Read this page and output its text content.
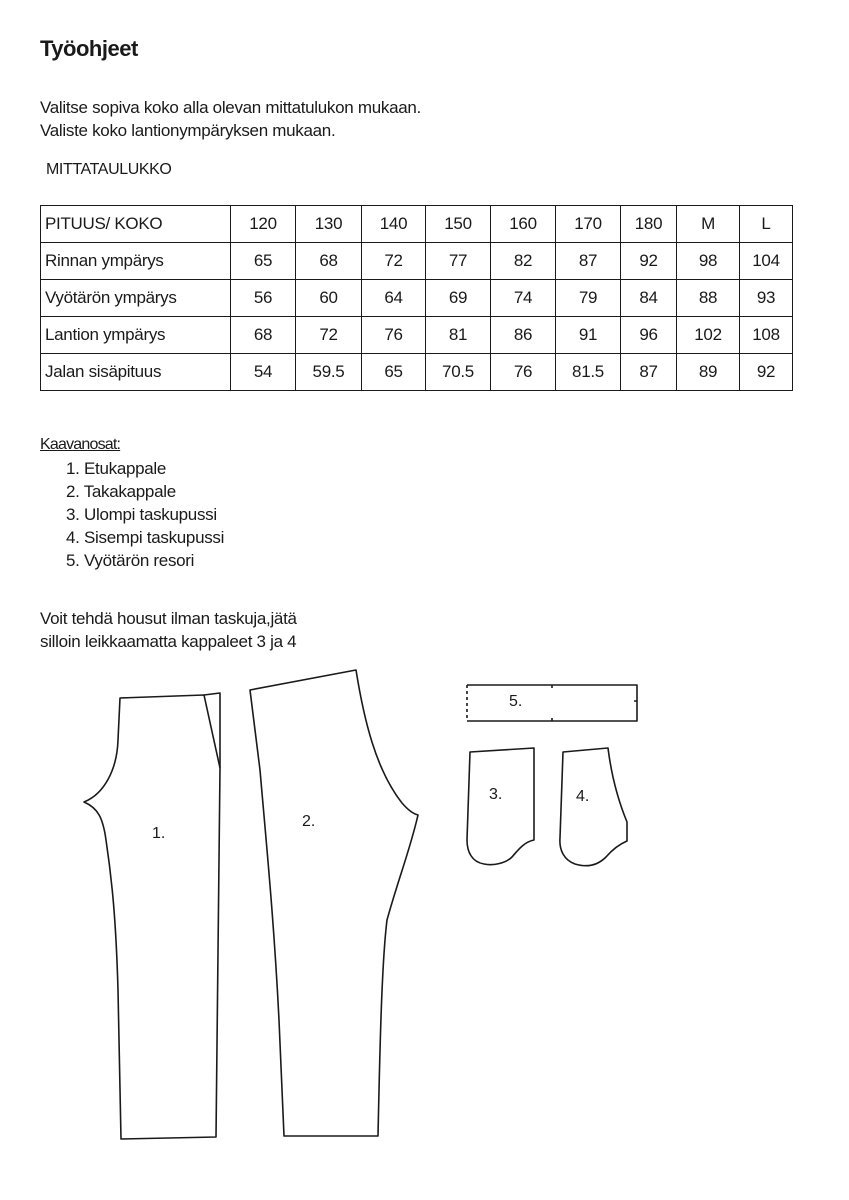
Työohjeet
Valitse sopiva koko alla olevan mittatulukon mukaan.
Valiste koko lantionympäryksen mukaan.
MITTATAULUKKO
PITUUS/ KOKO	120	130	140	150	160	170	180	M	L
Rinnan ympärys	65	68	72	77	82	87	92	98	104
Vyötärön ympärys	56	60	64	69	74	79	84	88	93
Lantion ympärys	68	72	76	81	86	91	96	102	108
Jalan sisäpituus	54	59.5	65	70.5	76	81.5	87	89	92
Kaavanosat:
1. Etukappale
2. Takakappale
3. Ulompi taskupussi
4. Sisempi taskupussi
5. Vyötärön resori
Voit tehdä housut ilman taskuja,jätä
silloin leikkaamatta kappaleet 3 ja 4
1.
2.
5.
3.	4.
